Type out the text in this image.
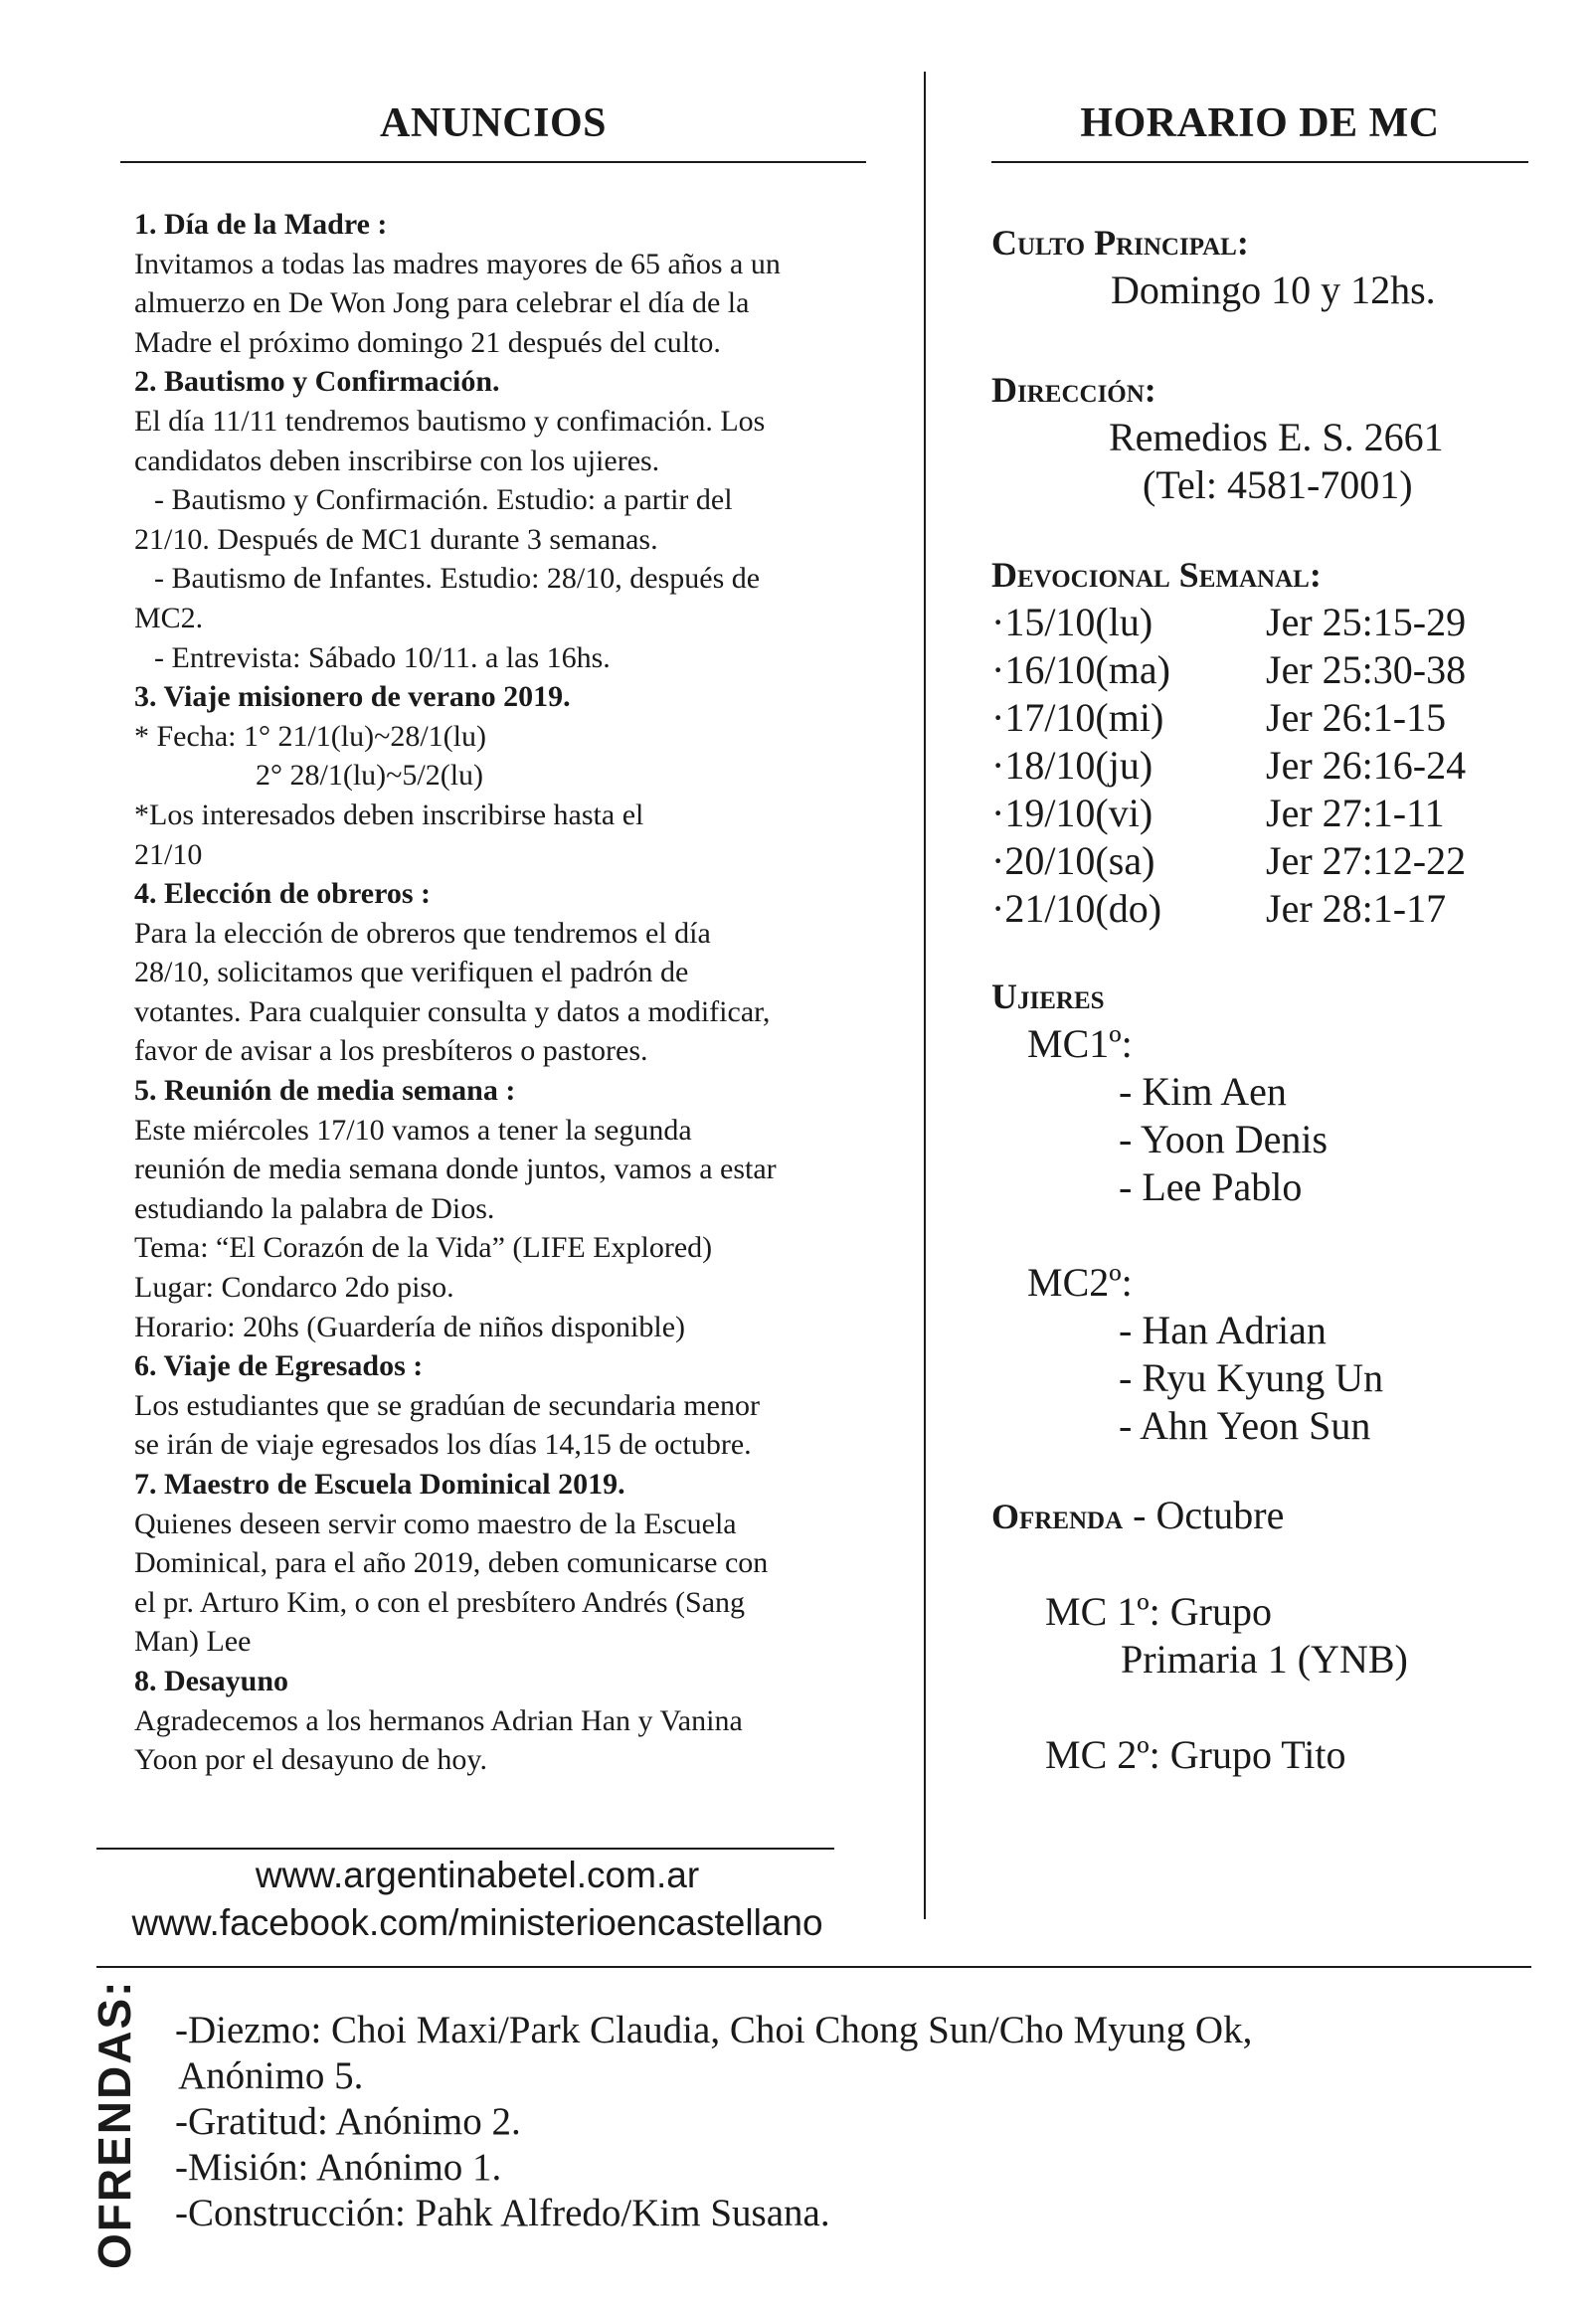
ANUNCIOS

1. Día de la Madre :

Invitamos a todas las madres mayores de 65 años a un

almuerzo en De Won Jong para celebrar el día de la

Madre el próximo domingo 21 después del culto.

2. Bautismo y Confirmación.

El día 11/11 tendremos bautismo y confimación. Los

candidatos deben inscribirse con los ujieres.

- Bautismo y Confirmación. Estudio: a partir del

21/10. Después de MC1 durante 3 semanas.

- Bautismo de Infantes. Estudio: 28/10, después de

MC2.

- Entrevista: Sábado 10/11. a las 16hs.

3. Viaje misionero de verano 2019.

* Fecha: 1° 21/1(lu)~28/1(lu)

2° 28/1(lu)~5/2(lu)

*Los interesados deben inscribirse hasta el

21/10

4. Elección de obreros :

Para la elección de obreros que tendremos el día

28/10, solicitamos que verifiquen el padrón de

votantes. Para cualquier consulta y datos a modificar,

favor de avisar a los presbíteros o pastores.

5. Reunión de media semana :

Este miércoles 17/10 vamos a tener la segunda

reunión de media semana donde juntos, vamos a estar

estudiando la palabra de Dios.

Tema: “El Corazón de la Vida” (LIFE Explored)

Lugar: Condarco 2do piso.

Horario: 20hs (Guardería de niños disponible)

6. Viaje de Egresados :

Los estudiantes que se gradúan de secundaria menor

se irán de viaje egresados los días 14,15 de octubre.

7. Maestro de Escuela Dominical 2019.

Quienes deseen servir como maestro de la Escuela

Dominical, para el año 2019, deben comunicarse con

el pr. Arturo Kim, o con el presbítero Andrés (Sang

Man) Lee

8. Desayuno

Agradecemos a los hermanos Adrian Han y Vanina

Yoon por el desayuno de hoy.

www.argentinabetel.com.ar
www.facebook.com/ministerioencastellano
HORARIO DE MC
Culto Principal:
Domingo 10 y 12hs.
Dirección:
Remedios E. S. 2661
(Tel: 4581-7001)
Devocional Semanal:
·15/10(lu)	Jer 25:15-29
·16/10(ma)	Jer 25:30-38
·17/10(mi)	Jer 26:1-15
·18/10(ju)	Jer 26:16-24
·19/10(vi)	Jer 27:1-11
·20/10(sa)	Jer 27:12-22
·21/10(do)	Jer 28:1-17
Ujieres
MC1º:
- Kim Aen
- Yoon Denis
- Lee Pablo
MC2º:
- Han Adrian
- Ryu Kyung Un
- Ahn Yeon Sun
Ofrenda - Octubre
MC 1º: Grupo
Primaria 1 (YNB)
MC 2º: Grupo Tito
OFRENDAS: -Diezmo: Choi Maxi/Park Claudia, Choi Chong Sun/Cho Myung Ok,

Anónimo 5.

-Gratitud: Anónimo 2.

-Misión: Anónimo 1.

-Construcción: Pahk Alfredo/Kim Susana.
